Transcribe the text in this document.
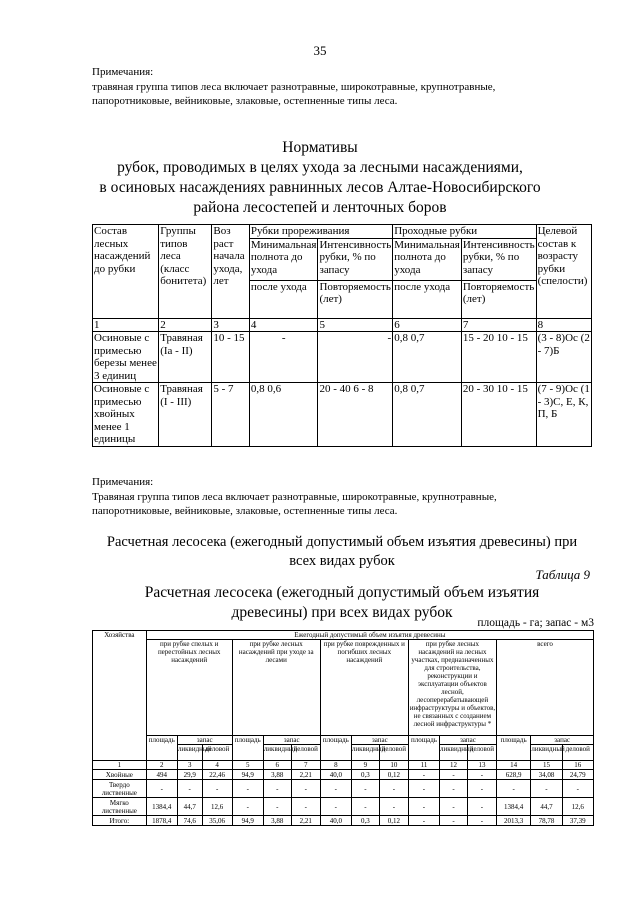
35
Примечания:
травяная группа типов леса включает разнотравные, широкотравные, крупнотравные,
папоротниковые, вейниковые, злаковые, остепненные типы леса.
Нормативы
рубок, проводимых в целях ухода за лесными насаждениями,
в осиновых насаждениях равнинных лесов Алтае-Новосибирского
района лесостепей и ленточных боров
Состав лесных насаждений до рубки	Группы типов леса (класс бонитета)	Воз раст начала ухода, лет	Рубки прореживания		Проходные рубки		Целевой состав к возрасту рубки (спелости)
			Минимальная полнота до ухода	Интенсивность рубки, % по запасу	Минимальная полнота до ухода	Интенсивность рубки, % по запасу	
			после ухода	Повторяемость (лет)	после ухода	Повторяемость (лет)	
1	2	3	4	5	6	7	8
Осиновые с примесью березы менее 3 единиц	Травяная (Ia - II)	10 - 15	-	-	0,8 0,7	15 - 20 10 - 15	(3 - 8)Ос (2 - 7)Б
Осиновые с примесью хвойных менее 1 единицы	Травяная (I - III)	5 - 7	0,8 0,6	20 - 40 6 - 8	0,8 0,7	20 - 30 10 - 15	(7 - 9)Ос (1 - 3)С, Е, К, П, Б
Примечания:
Травяная группа типов леса включает разнотравные, широкотравные, крупнотравные,
папоротниковые, вейниковые, злаковые, остепненные типы леса.
Расчетная лесосека (ежегодный допустимый объем изъятия древесины) при
всех видах рубок
Таблица 9
Расчетная лесосека (ежегодный допустимый объем изъятия
древесины) при всех видах рубок
площадь - га; запас - м3
Хозяйства	Ежегодный допустимый объем изъятия древесины														
	при рубке спелых и перестойных лесных насаждений			при рубке лесных насаждений при уходе за лесами			при рубке поврежденных и погибших лесных насаждений			при рубке лесных насаждений на лесных участках, предназначенных для строительства, реконструкции и эксплуатации объектов лесной, лесоперерабатывающей инфраструктуры и объектов, не связанных с созданием лесной инфраструктуры *			всего		
	площадь	запас		площадь	запас		площадь	запас		площадь	запас		площадь	запас	
		ликвидный	деловой		ликвидный	деловой		ликвидный	деловой		ликвидный	деловой		ликвидный	деловой
1	2	3	4	5	6	7	8	9	10	11	12	13	14	15	16
Хвойные	494	29,9	22,46	94,9	3,88	2,21	40,0	0,3	0,12	-	-	-	628,9	34,08	24,79
Твердо лиственные	-	-	-	-	-	-	-	-	-	-	-	-	-	-	-
Мягко лиственные	1384,4	44,7	12,6	-	-	-	-	-	-	-	-	-	1384,4	44,7	12,6
Итого:	1878,4	74,6	35,06	94,9	3,88	2,21	40,0	0,3	0,12	-	-	-	2013,3	78,78	37,39
